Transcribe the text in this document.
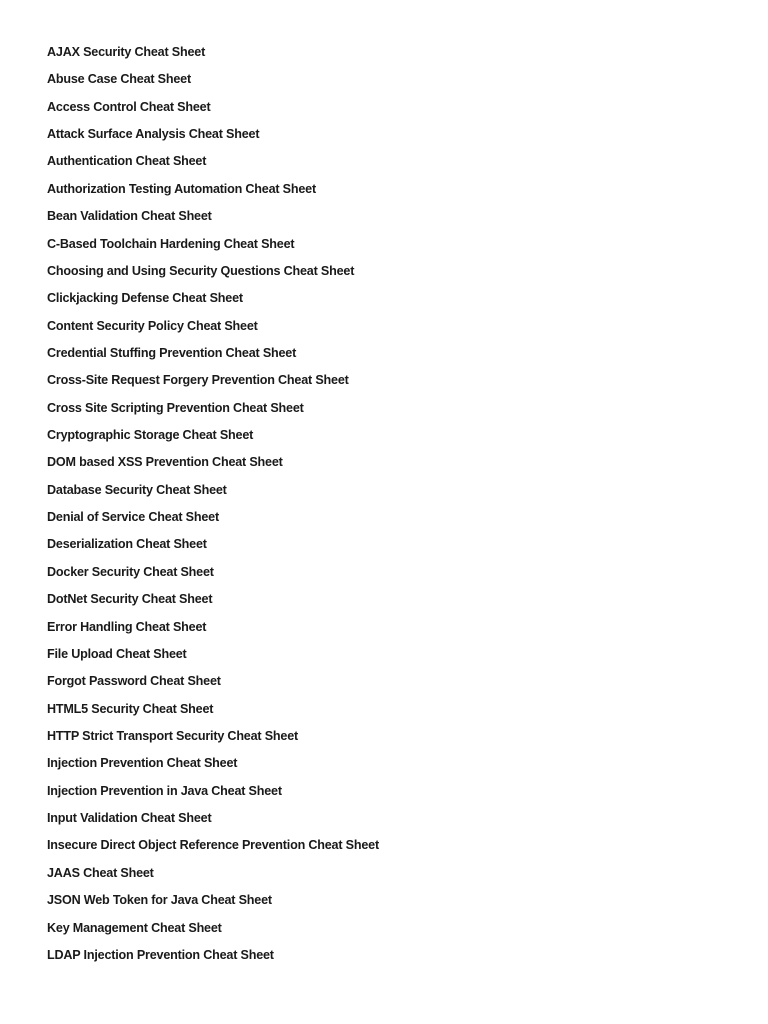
AJAX Security Cheat Sheet
Abuse Case Cheat Sheet
Access Control Cheat Sheet
Attack Surface Analysis Cheat Sheet
Authentication Cheat Sheet
Authorization Testing Automation Cheat Sheet
Bean Validation Cheat Sheet
C-Based Toolchain Hardening Cheat Sheet
Choosing and Using Security Questions Cheat Sheet
Clickjacking Defense Cheat Sheet
Content Security Policy Cheat Sheet
Credential Stuffing Prevention Cheat Sheet
Cross-Site Request Forgery Prevention Cheat Sheet
Cross Site Scripting Prevention Cheat Sheet
Cryptographic Storage Cheat Sheet
DOM based XSS Prevention Cheat Sheet
Database Security Cheat Sheet
Denial of Service Cheat Sheet
Deserialization Cheat Sheet
Docker Security Cheat Sheet
DotNet Security Cheat Sheet
Error Handling Cheat Sheet
File Upload Cheat Sheet
Forgot Password Cheat Sheet
HTML5 Security Cheat Sheet
HTTP Strict Transport Security Cheat Sheet
Injection Prevention Cheat Sheet
Injection Prevention in Java Cheat Sheet
Input Validation Cheat Sheet
Insecure Direct Object Reference Prevention Cheat Sheet
JAAS Cheat Sheet
JSON Web Token for Java Cheat Sheet
Key Management Cheat Sheet
LDAP Injection Prevention Cheat Sheet
